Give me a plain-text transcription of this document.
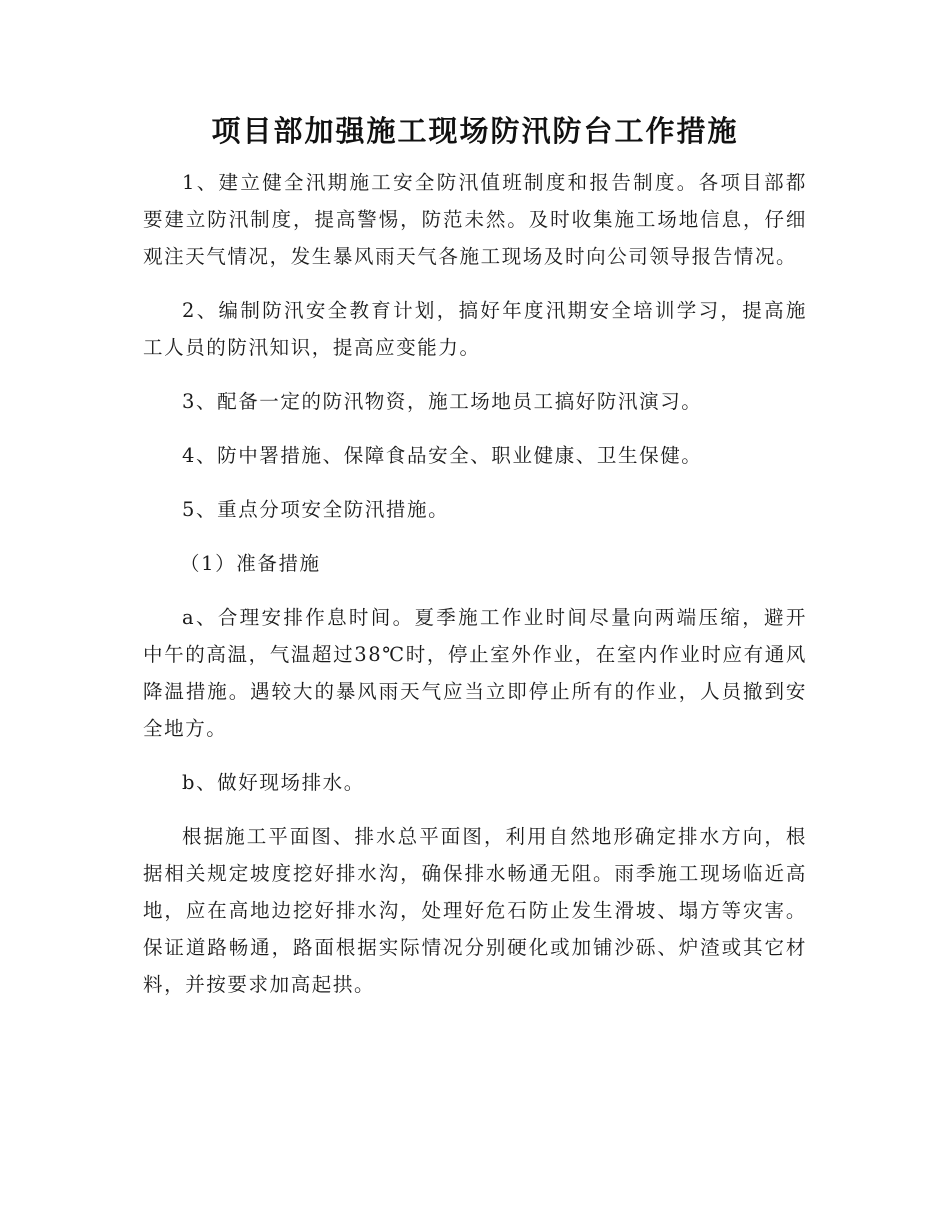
项目部加强施工现场防汛防台工作措施

1、建立健全汛期施工安全防汛值班制度和报告制度。各项目部都要建立防汛制度，提高警惕，防范未然。及时收集施工场地信息，仔细观注天气情况，发生暴风雨天气各施工现场及时向公司领导报告情况。

2、编制防汛安全教育计划，搞好年度汛期安全培训学习，提高施工人员的防汛知识，提高应变能力。

3、配备一定的防汛物资，施工场地员工搞好防汛演习。

4、防中署措施、保障食品安全、职业健康、卫生保健。

5、重点分项安全防汛措施。

（1）准备措施

a、合理安排作息时间。夏季施工作业时间尽量向两端压缩，避开中午的高温，气温超过38℃时，停止室外作业，在室内作业时应有通风降温措施。遇较大的暴风雨天气应当立即停止所有的作业，人员撤到安全地方。

b、做好现场排水。

根据施工平面图、排水总平面图，利用自然地形确定排水方向，根据相关规定坡度挖好排水沟，确保排水畅通无阻。雨季施工现场临近高地，应在高地边挖好排水沟，处理好危石防止发生滑坡、塌方等灾害。保证道路畅通，路面根据实际情况分别硬化或加铺沙砾、炉渣或其它材料，并按要求加高起拱。
